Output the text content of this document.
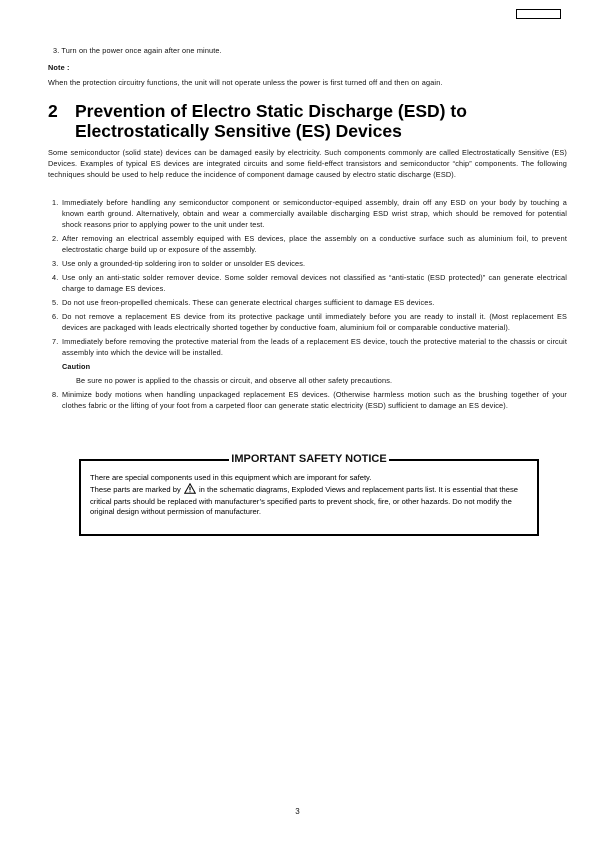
3. Turn on the power once again after one minute.
Note :
When the protection circuitry functions, the unit will not operate unless the power is first turned off and then on again.
2 Prevention of Electro Static Discharge (ESD) to Electrostatically Sensitive (ES) Devices
Some semiconductor (solid state) devices can be damaged easily by electricity. Such components commonly are called Electrostatically Sensitive (ES) Devices. Examples of typical ES devices are integrated circuits and some field-effect transistors and semiconductor “chip” components. The following techniques should be used to help reduce the incidence of component damage caused by electro static discharge (ESD).
1. Immediately before handling any semiconductor component or semiconductor-equiped assembly, drain off any ESD on your body by touching a known earth ground. Alternatively, obtain and wear a commercially available discharging ESD wrist strap, which should be removed for potential shock reasons prior to applying power to the unit under test.
2. After removing an electrical assembly equiped with ES devices, place the assembly on a conductive surface such as aluminium foil, to prevent electrostatic charge build up or exposure of the assembly.
3. Use only a grounded-tip soldering iron to solder or unsolder ES devices.
4. Use only an anti-static solder remover device. Some solder removal devices not classified as “anti-static (ESD protected)” can generate electrical charge to damage ES devices.
5. Do not use freon-propelled chemicals. These can generate electrical charges sufficient to damage ES devices.
6. Do not remove a replacement ES device from its protective package until immediately before you are ready to install it. (Most replacement ES devices are packaged with leads electrically shorted together by conductive foam, aluminium foil or comparable conductive material).
7. Immediately before removing the protective material from the leads of a replacement ES device, touch the protective material to the chassis or circuit assembly into which the device will be installed.
Caution
Be sure no power is applied to the chassis or circuit, and observe all other safety precautions.
8. Minimize body motions when handling unpackaged replacement ES devices. (Otherwise harmless motion such as the brushing together of your clothes fabric or the lifting of your foot from a carpeted floor can generate static electricity (ESD) sufficient to damage an ES device).
IMPORTANT SAFETY NOTICE
There are special components used in this equipment which are imporant for safety.
These parts are marked by in the schematic diagrams, Exploded Views and replacement parts list. It is essential that these critical parts should be replaced with manufacturer’s specified parts to prevent shock, fire, or other hazards. Do not modify the original design without permission of manufacturer.
3
